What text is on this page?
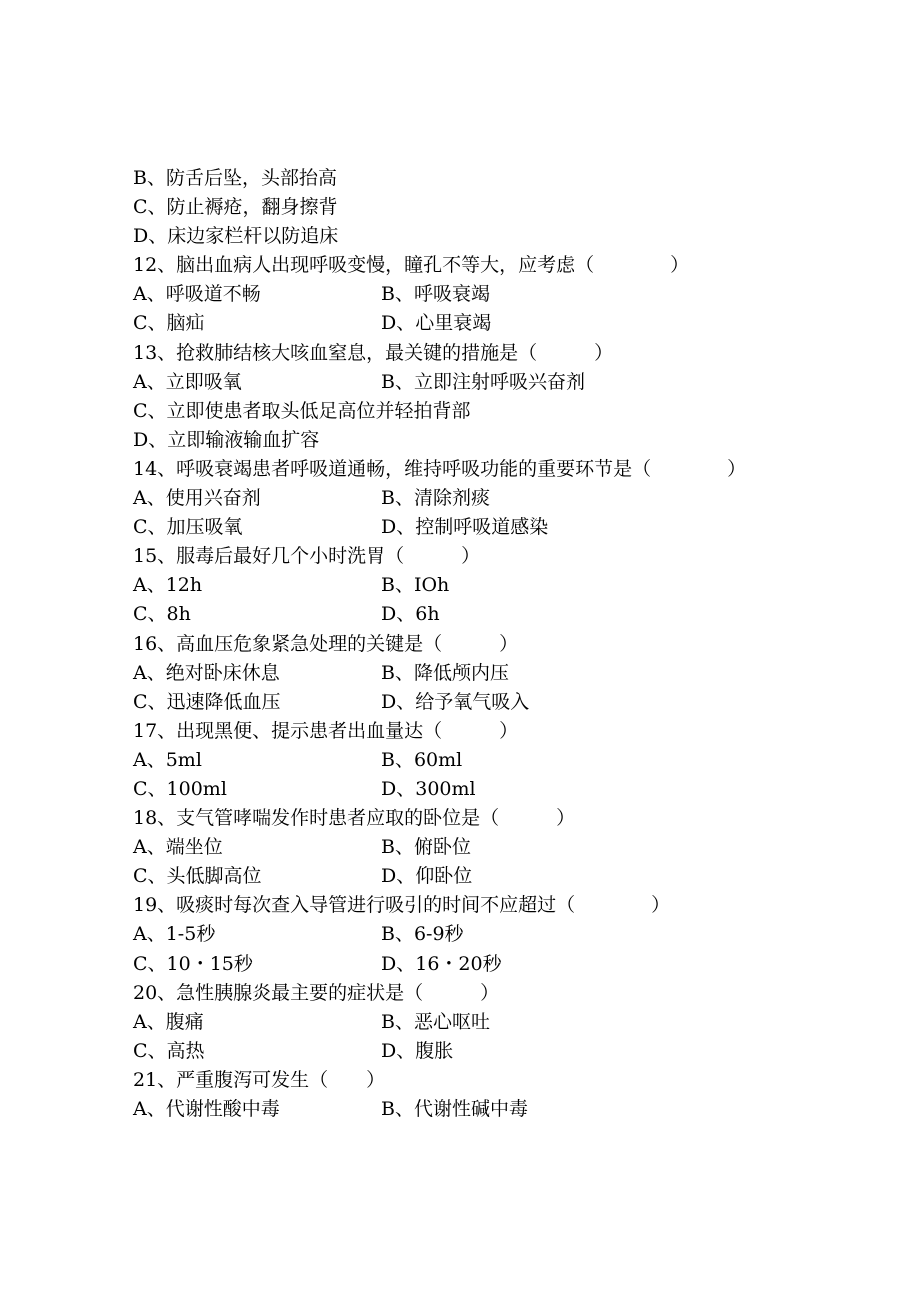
B、防舌后坠，头部抬高
C、防止褥疮，翻身擦背
D、床边家栏杆以防追床
12、脑出血病人出现呼吸变慢，瞳孔不等大，应考虑（　　　　）
A、呼吸道不畅	B、呼吸衰竭
C、脑疝	D、心里衰竭
13、抢救肺结核大咳血窒息，最关键的措施是（　　　）
A、立即吸氧	B、立即注射呼吸兴奋剂
C、立即使患者取头低足高位并轻拍背部
D、立即输液输血扩容
14、呼吸衰竭患者呼吸道通畅，维持呼吸功能的重要环节是（　　　　）
A、使用兴奋剂	B、清除剂痰
C、加压吸氧	D、控制呼吸道感染
15、服毒后最好几个小时洗胃（　　　）
A、12h	B、IOh
C、8h	D、6h
16、高血压危象紧急处理的关键是（　　　）
A、绝对卧床休息	B、降低颅内压
C、迅速降低血压	D、给予氧气吸入
17、出现黑便、提示患者出血量达（　　　）
A、5ml	B、60ml
C、100ml	D、300ml
18、支气管哮喘发作时患者应取的卧位是（　　　）
A、端坐位	B、俯卧位
C、头低脚高位	D、仰卧位
19、吸痰时每次查入导管进行吸引的时间不应超过（　　　　）
A、1-5秒	B、6-9秒
C、10・15秒	D、16・20秒
20、急性胰腺炎最主要的症状是（　　　）
A、腹痛	B、恶心呕吐
C、高热	D、腹胀
21、严重腹泻可发生（　　）
A、代谢性酸中毒	B、代谢性碱中毒
